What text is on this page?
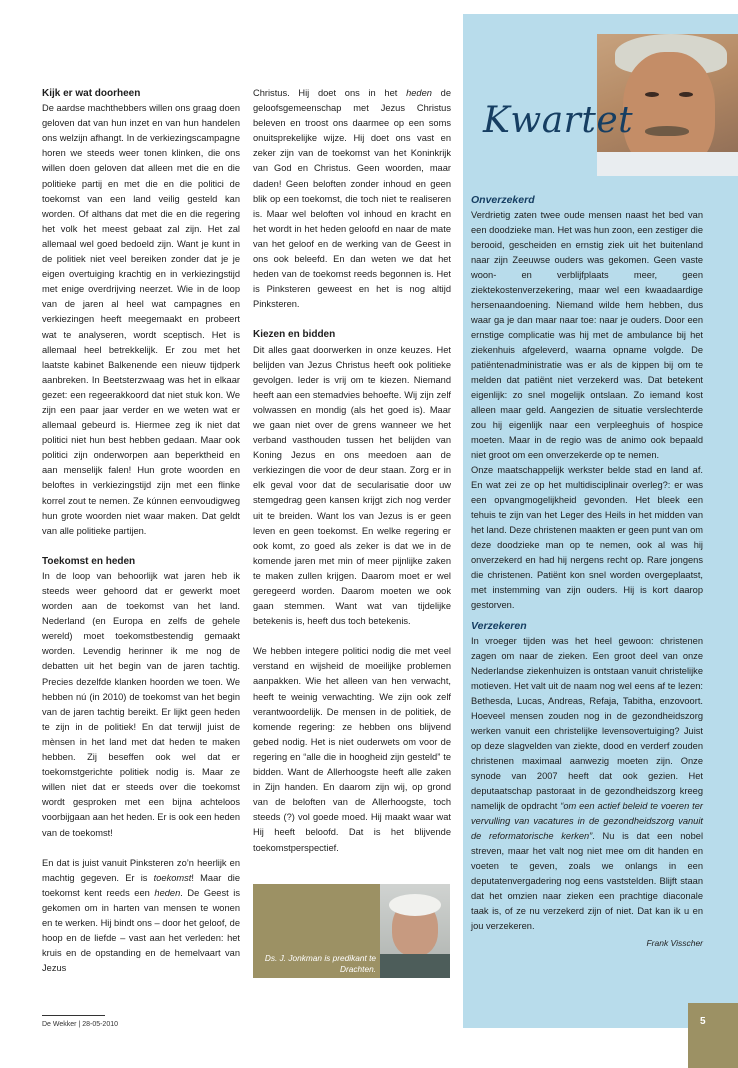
Kwartet
Kijk er wat doorheen

De aardse machthebbers willen ons graag doen geloven dat van hun inzet en van hun handelen ons welzijn afhangt. In de verkiezingscampagne horen we steeds weer tonen klinken, die ons willen doen geloven dat alleen met die en die politieke partij en met die en die politici de toekomst van een land veilig gesteld kan worden. Of althans dat met die en die regering het volk het meest gebaat zal zijn. Het zal allemaal wel goed bedoeld zijn. Want je kunt in de politiek niet veel bereiken zonder dat je je eigen overtuiging krachtig en in verkiezingstijd met enige overdrijving neerzet. Wie in de loop van de jaren al heel wat campagnes en verkiezingen heeft meegemaakt en probeert wat te analyseren, wordt sceptisch. Het is allemaal heel betrekkelijk. Er zou met het laatste kabinet Balkenende een nieuw tijdperk aanbreken. In Beetsterzwaag was het in elkaar gezet: een regeerakkoord dat niet stuk kon. We zijn een paar jaar verder en we weten wat er allemaal gebeurd is. Hiermee zeg ik niet dat politici niet hun best hebben gedaan. Maar ook politici zijn onderworpen aan beperktheid en aan menselijk falen! Hun grote woorden en beloftes in verkiezingstijd zijn met een flinke korrel zout te nemen. Ze kúnnen eenvoudigweg hun grote woorden niet waar maken. Dat geldt van alle politieke partijen.

Toekomst en heden

In de loop van behoorlijk wat jaren heb ik steeds weer gehoord dat er gewerkt moet worden aan de toekomst van het land. Nederland (en Europa en zelfs de gehele wereld) moet toekomstbestendig gemaakt worden. Levendig herinner ik me nog de debatten uit het begin van de jaren tachtig. Precies dezelfde klanken hoorden we toen. We hebben nú (in 2010) de toekomst van het begin van de jaren tachtig bereikt. Er lijkt geen heden te zijn in de politiek! En dat terwijl juist de mènsen in het land met dat heden te maken hebben. Zij beseffen ook wel dat er toekomstgerichte politiek nodig is. Maar ze willen niet dat er steeds over die toekomst wordt gesproken met een bijna achteloos voorbijgaan aan het heden. Er is ook een heden van de toekomst!

En dat is juist vanuit Pinksteren zo’n heerlijk en machtig gegeven. Er is toekomst! Maar die toekomst kent reeds een heden. De Geest is gekomen om in harten van mensen te wonen en te werken. Hij bindt ons – door het geloof, de hoop en de liefde – vast aan het verleden: het kruis en de opstanding en de hemelvaart van Jezus

Christus. Hij doet ons in het heden de geloofsgemeenschap met Jezus Christus beleven en troost ons daarmee op een soms onuitsprekelijke wijze. Hij doet ons vast en zeker zijn van de toekomst van het Koninkrijk van God en Christus. Geen woorden, maar daden! Geen beloften zonder inhoud en geen blik op een toekomst, die toch niet te realiseren is. Maar wel beloften vol inhoud en kracht en het wordt in het heden geloofd en naar de mate van het geloof en de werking van de Geest in ons ook beleefd. En dan weten we dat het heden van de toekomst reeds begonnen is. Het is Pinksteren geweest en het is nog altijd Pinksteren.

Kiezen en bidden

Dit alles gaat doorwerken in onze keuzes. Het belijden van Jezus Christus heeft ook politieke gevolgen. Ieder is vrij om te kiezen. Niemand heeft aan een stemadvies behoefte. Wij zijn zelf volwassen en mondig (als het goed is). Maar we gaan niet over de grens wanneer we het verband vasthouden tussen het belijden van Koning Jezus en ons meedoen aan de verkiezingen die voor de deur staan. Zorg er in elk geval voor dat de secularisatie door uw stemgedrag geen kansen krijgt zich nog verder uit te breiden. Want los van Jezus is er geen leven en geen toekomst. En welke regering er ook komt, zo goed als zeker is dat we in de komende jaren met min of meer pijnlijke zaken te maken zullen krijgen. Daarom moet er wel geregeerd worden. Daarom moeten we ook gaan stemmen. Want wat van tijdelijke betekenis is, heeft dus toch betekenis.

We hebben integere politici nodig die met veel verstand en wijsheid de moeilijke problemen aanpakken. Wie het alleen van hen verwacht, heeft te weinig verwachting. We zijn ook zelf verantwoordelijk. De mensen in de politiek, de komende regering: ze hebben ons blijvend gebed nodig. Het is niet ouderwets om voor de regering en “alle die in hoogheid zijn gesteld” te bidden. Want de Allerhoogste heeft alle zaken in Zijn handen. En daarom zijn wij, op grond van de beloften van de Allerhoogste, toch steeds (?) vol goede moed. Hij maakt waar wat Hij heeft beloofd. Dat is het blijvende toekomstperspectief.

Ds. J. Jonkman is predikant te Drachten.
Onverzekerd

Verdrietig zaten twee oude mensen naast het bed van een doodzieke man. Het was hun zoon, een zestiger die berooid, gescheiden en ernstig ziek uit het buitenland naar zijn Zeeuwse ouders was gekomen. Geen vaste woon- en verblijfplaats meer, geen ziektekostenverzekering, maar wel een kwaadaardige hersenaandoening. Niemand wilde hem hebben, dus waar ga je dan maar naar toe: naar je ouders. Door een ernstige complicatie was hij met de ambulance bij het ziekenhuis afgeleverd, waarna opname volgde. De patiëntenadministratie was er als de kippen bij om te melden dat patiënt niet verzekerd was. Dat betekent eigenlijk: zo snel mogelijk ontslaan. Zo iemand kost alleen maar geld. Aangezien de situatie verslechterde zou hij eigenlijk naar een verpleeghuis of hospice moeten. Maar in de regio was de animo ook bepaald niet groot om een onverzekerde op te nemen.

Onze maatschappelijk werkster belde stad en land af. En wat zei ze op het multidisciplinair overleg?: er was een opvangmogelijkheid gevonden. Het bleek een tehuis te zijn van het Leger des Heils in het midden van het land. Deze christenen maakten er geen punt van om deze doodzieke man op te nemen, ook al was hij onverzekerd en had hij nergens recht op. Rare jongens die christenen. Patiënt kon snel worden overgeplaatst, met instemming van zijn ouders. Hij is kort daarop gestorven.

Verzekeren

In vroeger tijden was het heel gewoon: christenen zagen om naar de zieken. Een groot deel van onze Nederlandse ziekenhuizen is ontstaan vanuit christelijke motieven. Het valt uit de naam nog wel eens af te lezen: Bethesda, Lucas, Andreas, Refaja, Tabitha, enzovoort. Hoeveel mensen zouden nog in de gezondheidszorg werken vanuit een christelijke levensovertuiging? Juist op deze slagvelden van ziekte, dood en verderf zouden christenen maximaal aanwezig moeten zijn. Onze synode van 2007 heeft dat ook gezien. Het deputaatschap pastoraat in de gezondheidszorg kreeg namelijk de opdracht “om een actief beleid te voeren ter vervulling van vacatures in de gezondheidszorg vanuit de reformatorische kerken”. Nu is dat een nobel streven, maar het valt nog niet mee om dit handen en voeten te geven, zoals we onlangs in een deputatenvergadering nog eens vaststelden. Blijft staan dat het omzien naar zieken een prachtige diaconale taak is, of ze nu verzekerd zijn of niet. Dat kan ik u en jou verzekeren.

Frank Visscher
De Wekker | 28-05-2010	5
